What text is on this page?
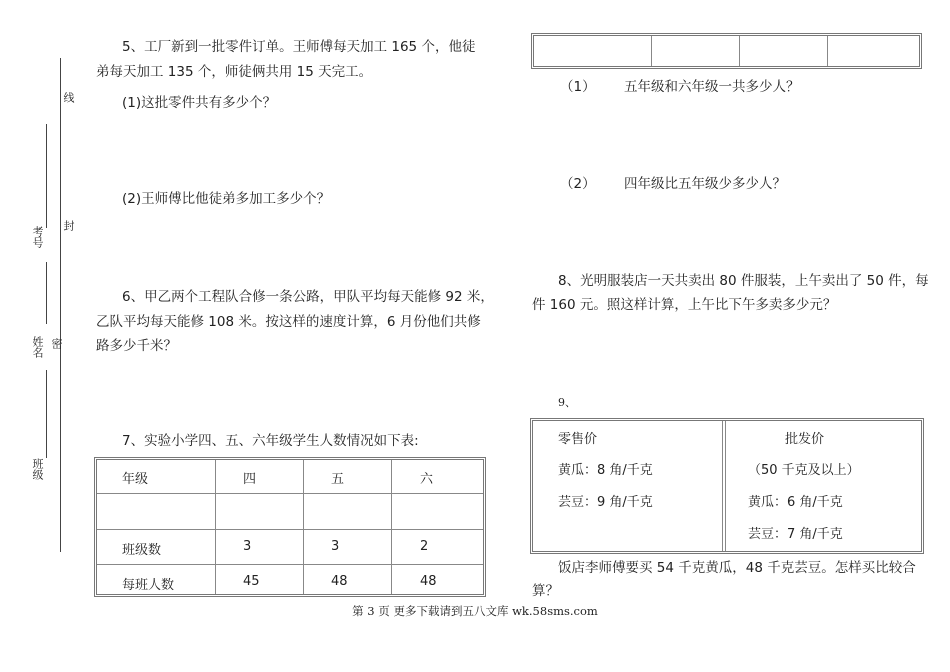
线
考号
封
姓名 密
班级
5、工厂新到一批零件订单。王师傅每天加工 165 个，他徒
弟每天加工 135 个，师徒俩共用 15 天完工。
(1)这批零件共有多少个？
(2)王师傅比他徒弟多加工多少个？
6、甲乙两个工程队合修一条公路，甲队平均每天能修 92 米，
乙队平均每天能修 108 米。按这样的速度计算，6 月份他们共修
路多少千米？
7、实验小学四、五、六年级学生人数情况如下表:
年级	四	五	六
班级数	3	3	2
每班人数	45	48	48
（1） 五年级和六年级一共多少人？
（2） 四年级比五年级少多少人？
8、光明服装店一天共卖出 80 件服装，上午卖出了 50 件，每
件 160 元。照这样计算，上午比下午多卖多少元？
9、
零售价
黄瓜：8 角/千克
芸豆：9 角/千克
批发价
（50 千克及以上）
黄瓜：6 角/千克
芸豆：7 角/千克
饭店李师傅要买 54 千克黄瓜，48 千克芸豆。怎样买比较合
算？
第 3 页 更多下载请到五八文库 wk.58sms.com
